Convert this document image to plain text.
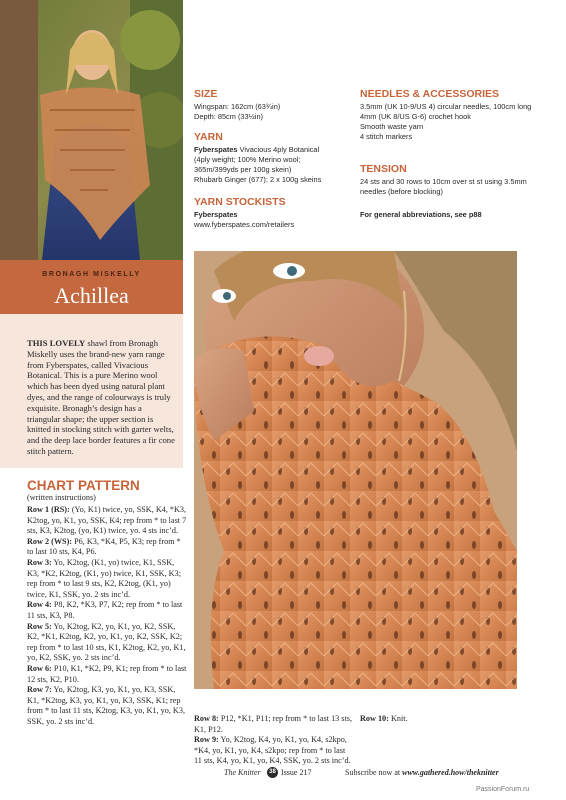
BRONAGH MISKELLY
Achillea
THIS LOVELY shawl from Bronagh Miskelly uses the brand-new yarn range from Fyberspates, called Vivacious Botanical. This is a pure Merino wool which has been dyed using natural plant dyes, and the range of colourways is truly exquisite. Bronagh’s design has a triangular shape; the upper section is knitted in stocking stitch with garter welts, and the deep lace border features a fir cone stitch pattern.
CHART PATTERN
(written instructions)

Row 1 (RS): (Yo, K1) twice, yo, SSK, K4, *K3, K2tog, yo, K1, yo, SSK, K4; rep from * to last 7 sts, K3, K2tog, (yo, K1) twice, yo. 4 sts inc’d.

Row 2 (WS): P6, K3, *K4, P5, K3; rep from * to last 10 sts, K4, P6.

Row 3: Yo, K2tog, (K1, yo) twice, K1, SSK, K3, *K2, K2tog, (K1, yo) twice, K1, SSK, K3; rep from * to last 9 sts, K2, K2tog, (K1, yo) twice, K1, SSK, yo. 2 sts inc’d.

Row 4: P8, K2, *K3, P7, K2; rep from * to last 11 sts, K3, P8.

Row 5: Yo, K2tog, K2, yo, K1, yo, K2, SSK, K2, *K1, K2tog, K2, yo, K1, yo, K2, SSK, K2; rep from * to last 10 sts, K1, K2tog, K2, yo, K1, yo, K2, SSK, yo. 2 sts inc’d.

Row 6: P10, K1, *K2, P9, K1; rep from * to last 12 sts, K2, P10.

Row 7: Yo, K2tog, K3, yo, K1, yo, K3, SSK, K1, *K2tog, K3, yo, K1, yo, K3, SSK, K1; rep from * to last 11 sts, K2tog, K3, yo, K1, yo, K3, SSK, yo. 2 sts inc’d.

SIZE
Wingspan: 162cm (63¾in)
Depth: 85cm (33½in)
YARN
Fyberspates Vivacious 4ply Botanical
(4ply weight; 100% Merino wool;
365m/399yds per 100g skein)
Rhubarb Ginger (677); 2 x 100g skeins
YARN STOCKISTS
Fyberspates
www.fyberspates.com/retailers
NEEDLES & ACCESSORIES
3.5mm (UK 10-9/US 4) circular needles, 100cm long
4mm (UK 8/US G-6) crochet hook
Smooth waste yarn
4 stitch markers
TENSION
24 sts and 30 rows to 10cm over st st using 3.5mm needles (before blocking)
For general abbreviations, see p88

Row 8: P12, *K1, P11; rep from * to last 13 sts, K1, P12.

Row 9: Yo, K2tog, K4, yo, K1, yo, K4, s2kpo, *K4, yo, K1, yo, K4, s2kpo; rep from * to last 11 sts, K4, yo, K1, yo, K4, SSK, yo. 2 sts inc’d.

Row 10: Knit.

The Knitter	38 Issue 217	Subscribe now at www.gathered.how/theknitter
PassionForum.ru
